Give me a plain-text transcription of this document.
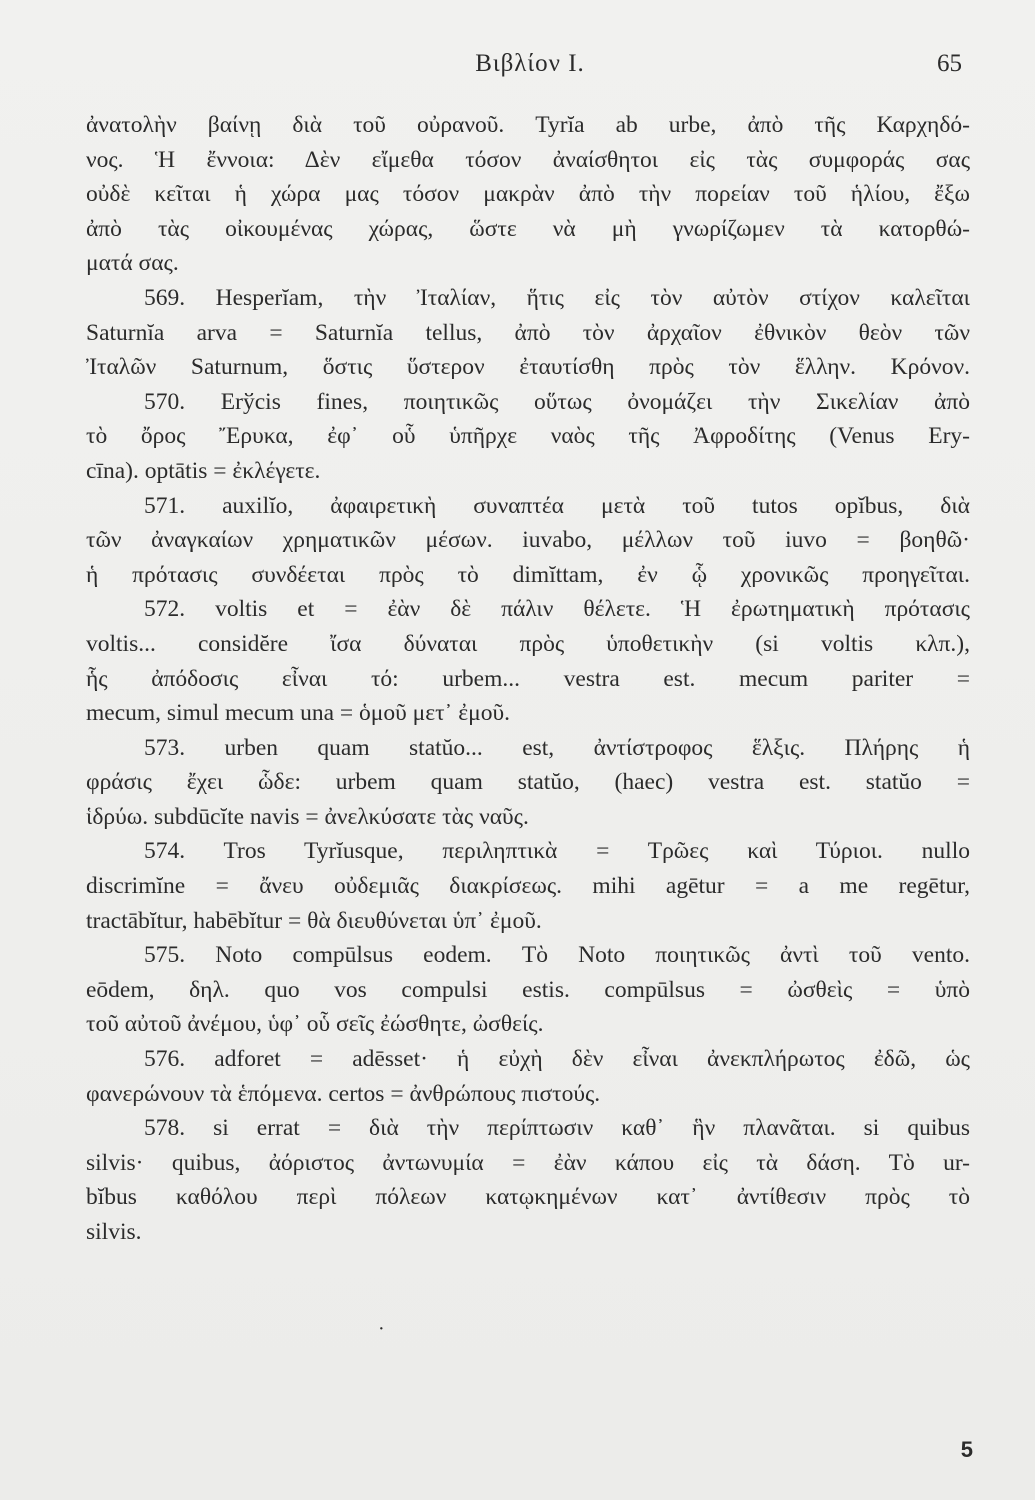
Βιβλίον I.	65
ἀνατολὴν βαίνῃ διὰ τοῦ οὐρανοῦ. Tyrĭa ab urbe, ἀπὸ τῆς Καρχηδό-
νος. Ἡ ἔννοια: Δὲν εἴμεθα τόσον ἀναίσθητοι εἰς τὰς συμφοράς σας
οὐδὲ κεῖται ἡ χώρα μας τόσον μακρὰν ἀπὸ τὴν πορείαν τοῦ ἡλίου, ἔξω
ἀπὸ τὰς οἰκουμένας χώρας, ὥστε νὰ μὴ γνωρίζωμεν τὰ κατορθώ-
ματά σας.
569. Hesperĭam, τὴν Ἰταλίαν, ἥτις εἰς τὸν αὐτὸν στίχον καλεῖται
Saturnĭa arva = Saturnĭa tellus, ἀπὸ τὸν ἀρχαῖον ἐθνικὸν θεὸν τῶν
Ἰταλῶν Saturnum, ὅστις ὕστερον ἐταυτίσθη πρὸς τὸν ἕλλην. Κρόνον.
570. Erўcis fines, ποιητικῶς οὕτως ὀνομάζει τὴν Σικελίαν ἀπὸ
τὸ ὄρος Ἔρυκα, ἐφ᾽ οὗ ὑπῆρχε ναὸς τῆς Ἀφροδίτης (Venus Ery-
cīna). optātis = ἐκλέγετε.
571. auxilĭo, ἀφαιρετικὴ συναπτέα μετὰ τοῦ tutos opĭbus, διὰ
τῶν ἀναγκαίων χρηματικῶν μέσων. iuvabo, μέλλων τοῦ iuvo = βοηθῶ·
ἡ πρότασις συνδέεται πρὸς τὸ dimĭttam, ἐν ᾧ χρονικῶς προηγεῖται.
572. voltis et = ἐὰν δὲ πάλιν θέλετε. Ἡ ἐρωτηματικὴ πρότασις
voltis... considĕre ἴσα δύναται πρὸς ὑποθετικὴν (si voltis κλπ.),
ἧς ἀπόδοσις εἶναι τό: urbem... vestra est. mecum pariter =
mecum, simul mecum una = ὁμοῦ μετ᾽ ἐμοῦ.
573. urben quam statŭo... est, ἀντίστροφος ἕλξις. Πλήρης ἡ
φράσις ἔχει ὧδε: urbem quam statŭo, (haec) vestra est. statŭo =
ἱδρύω. subdūcĭte navis = ἀνελκύσατε τὰς ναῦς.
574. Tros Tyrĭusque, περιληπτικὰ = Τρῶες καὶ Τύριοι. nullo
discrimĭne = ἄνευ οὐδεμιᾶς διακρίσεως. mihi agētur = a me regētur,
tractābĭtur, habēbĭtur = θὰ διευθύνεται ὑπ᾽ ἐμοῦ.
575. Noto compūlsus eodem. Τὸ Noto ποιητικῶς ἀντὶ τοῦ vento.
eōdem, δηλ. quo vos compulsi estis. compūlsus = ὠσθεὶς = ὑπὸ
τοῦ αὐτοῦ ἀνέμου, ὑφ᾽ οὗ σεῖς ἐώσθητε, ὠσθείς.
576. adforet = adēsset· ἡ εὐχὴ δὲν εἶναι ἀνεκπλήρωτος ἐδῶ, ὡς
φανερώνουν τὰ ἑπόμενα. certos = ἀνθρώπους πιστούς.
578. si errat = διὰ τὴν περίπτωσιν καθ᾽ ἣν πλανᾶται. si quibus
silvis· quibus, ἀόριστος ἀντωνυμία = ἐὰν κάπου εἰς τὰ δάση. Τὸ ur-
bĭbus καθόλου περὶ πόλεων κατῳκημένων κατ᾽ ἀντίθεσιν πρὸς τὸ
silvis.
·
5
